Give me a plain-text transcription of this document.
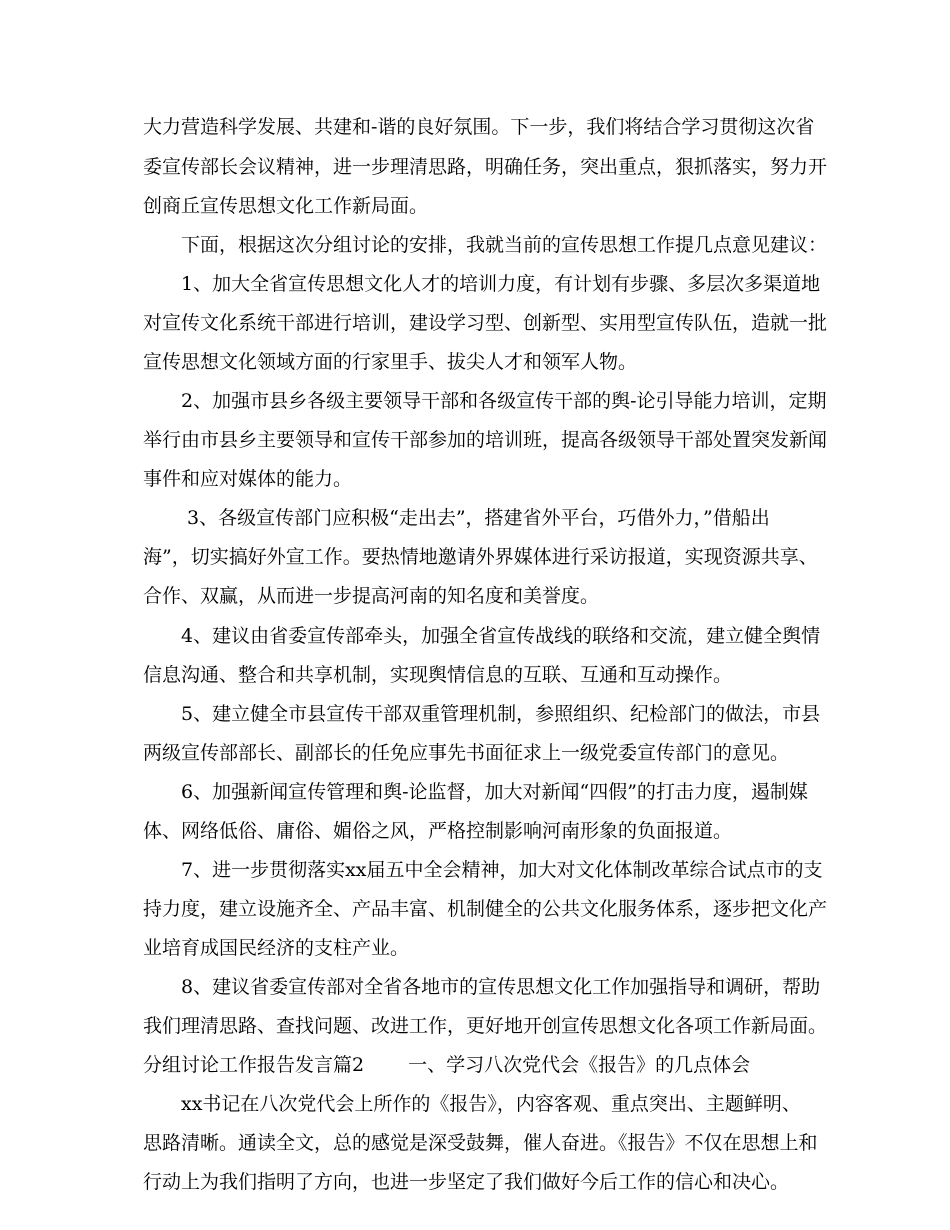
大力营造科学发展、共建和-谐的良好氛围。下一步，我们将结合学习贯彻这次省
委宣传部长会议精神，进一步理清思路，明确任务，突出重点，狠抓落实，努力开
创商丘宣传思想文化工作新局面。
　　下面，根据这次分组讨论的安排，我就当前的宣传思想工作提几点意见建议：
　　1、加大全省宣传思想文化人才的培训力度，有计划有步骤、多层次多渠道地
对宣传文化系统干部进行培训，建设学习型、创新型、实用型宣传队伍，造就一批
宣传思想文化领域方面的行家里手、拔尖人才和领军人物。
　　2、加强市县乡各级主要领导干部和各级宣传干部的舆-论引导能力培训，定期
举行由市县乡主要领导和宣传干部参加的培训班，提高各级领导干部处置突发新闻
事件和应对媒体的能力。
　　 3、各级宣传部门应积极“走出去”，搭建省外平台，巧借外力，”借船出
海”，切实搞好外宣工作。要热情地邀请外界媒体进行采访报道，实现资源共享、
合作、双赢，从而进一步提高河南的知名度和美誉度。
　　4、建议由省委宣传部牵头，加强全省宣传战线的联络和交流，建立健全舆情
信息沟通、整合和共享机制，实现舆情信息的互联、互通和互动操作。
　　5、建立健全市县宣传干部双重管理机制，参照组织、纪检部门的做法，市县
两级宣传部部长、副部长的任免应事先书面征求上一级党委宣传部门的意见。
　　6、加强新闻宣传管理和舆-论监督，加大对新闻“四假”的打击力度，遏制媒
体、网络低俗、庸俗、媚俗之风，严格控制影响河南形象的负面报道。
　　7、进一步贯彻落实xx届五中全会精神，加大对文化体制改革综合试点市的支
持力度，建立设施齐全、产品丰富、机制健全的公共文化服务体系，逐步把文化产
业培育成国民经济的支柱产业。
　　8、建议省委宣传部对全省各地市的宣传思想文化工作加强指导和调研，帮助
我们理清思路、查找问题、改进工作，更好地开创宣传思想文化各项工作新局面。
分组讨论工作报告发言篇2　　 一、学习八次党代会《报告》的几点体会
　　xx书记在八次党代会上所作的《报告》，内容客观、重点突出、主题鲜明、
思路清晰。通读全文，总的感觉是深受鼓舞，催人奋进。《报告》不仅在思想上和
行动上为我们指明了方向，也进一步坚定了我们做好今后工作的信心和决心。
